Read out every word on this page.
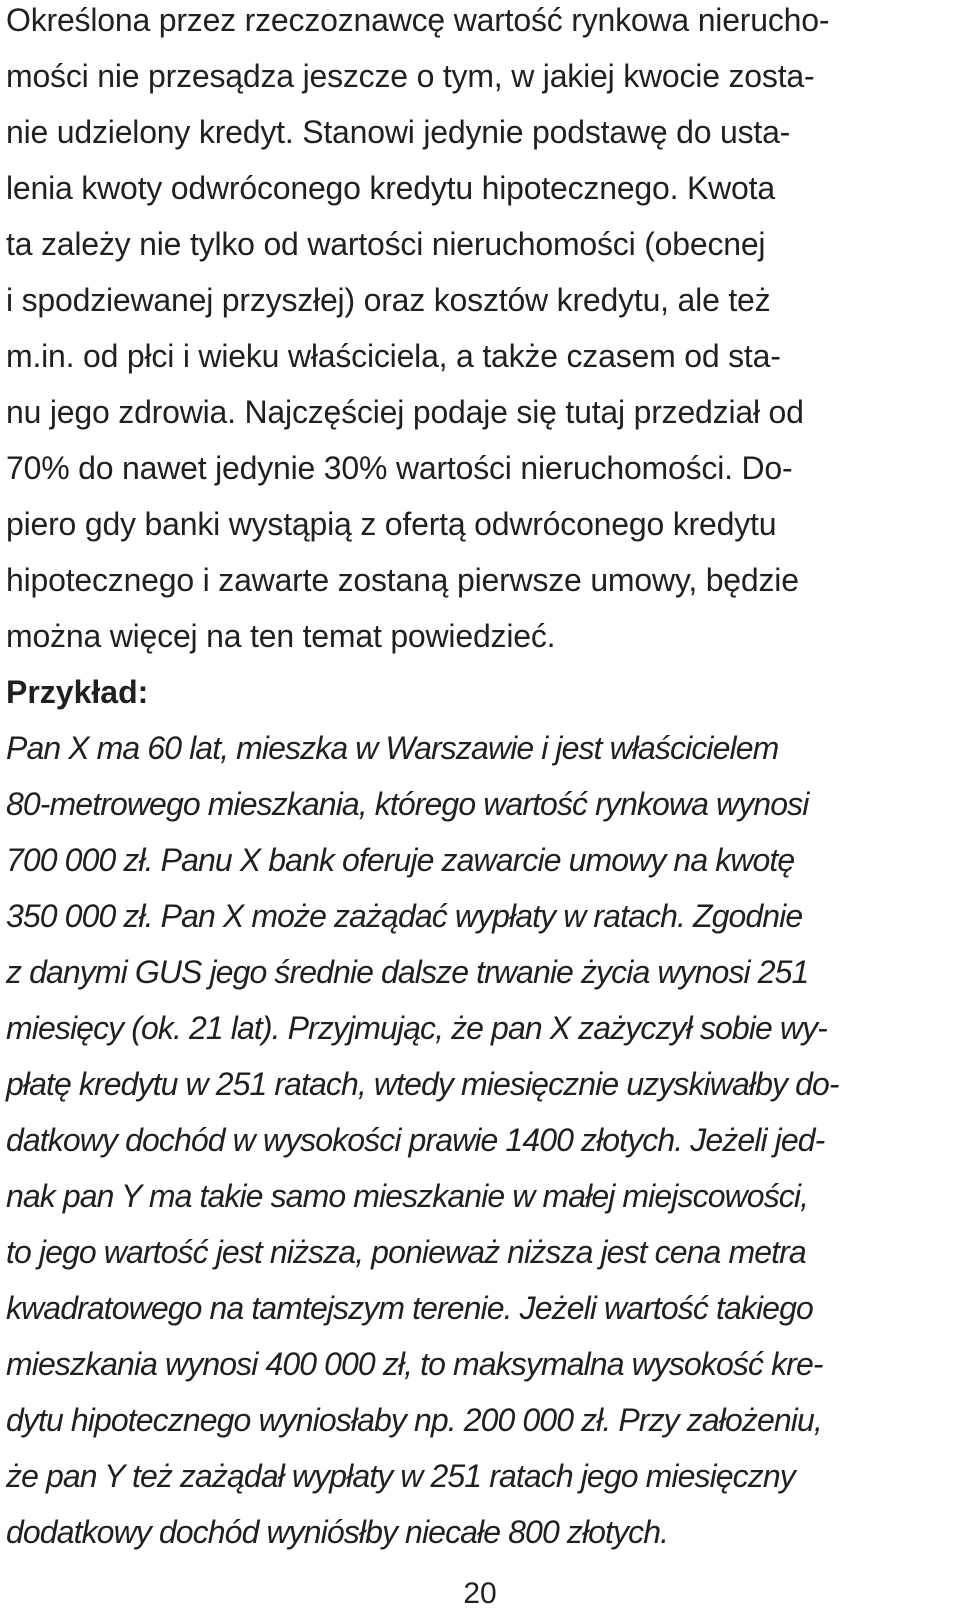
Określona przez rzeczoznawcę wartość rynkowa nierucho-
mości nie przesądza jeszcze o tym, w jakiej kwocie zosta-
nie udzielony kredyt. Stanowi jedynie podstawę do usta-
lenia kwoty odwróconego kredytu hipotecznego. Kwota
ta zależy nie tylko od wartości nieruchomości (obecnej
i spodziewanej przyszłej) oraz kosztów kredytu, ale też
m.in. od płci i wieku właściciela, a także czasem od sta-
nu jego zdrowia. Najczęściej podaje się tutaj przedział od
70% do nawet jedynie 30% wartości nieruchomości. Do-
piero gdy banki wystąpią z ofertą odwróconego kredytu
hipotecznego i zawarte zostaną pierwsze umowy, będzie
można więcej na ten temat powiedzieć.
Przykład:
Pan X ma 60 lat, mieszka w Warszawie i jest właścicielem
80-metrowego mieszkania, którego wartość rynkowa wynosi
700 000 zł. Panu X bank oferuje zawarcie umowy na kwotę
350 000 zł. Pan X może zażądać wypłaty w ratach. Zgodnie
z danymi GUS jego średnie dalsze trwanie życia wynosi 251
miesięcy (ok. 21 lat). Przyjmując, że pan X zażyczył sobie wy-
płatę kredytu w 251 ratach, wtedy miesięcznie uzyskiwałby do-
datkowy dochód w wysokości prawie 1400 złotych. Jeżeli jed-
nak pan Y ma takie samo mieszkanie w małej miejscowości,
to jego wartość jest niższa, ponieważ niższa jest cena metra
kwadratowego na tamtejszym terenie. Jeżeli wartość takiego
mieszkania wynosi 400 000 zł, to maksymalna wysokość kre-
dytu hipotecznego wyniosłaby np. 200 000 zł. Przy założeniu,
że pan Y też zażądał wypłaty w 251 ratach jego miesięczny
dodatkowy dochód wyniósłby niecałe 800 złotych.
20
